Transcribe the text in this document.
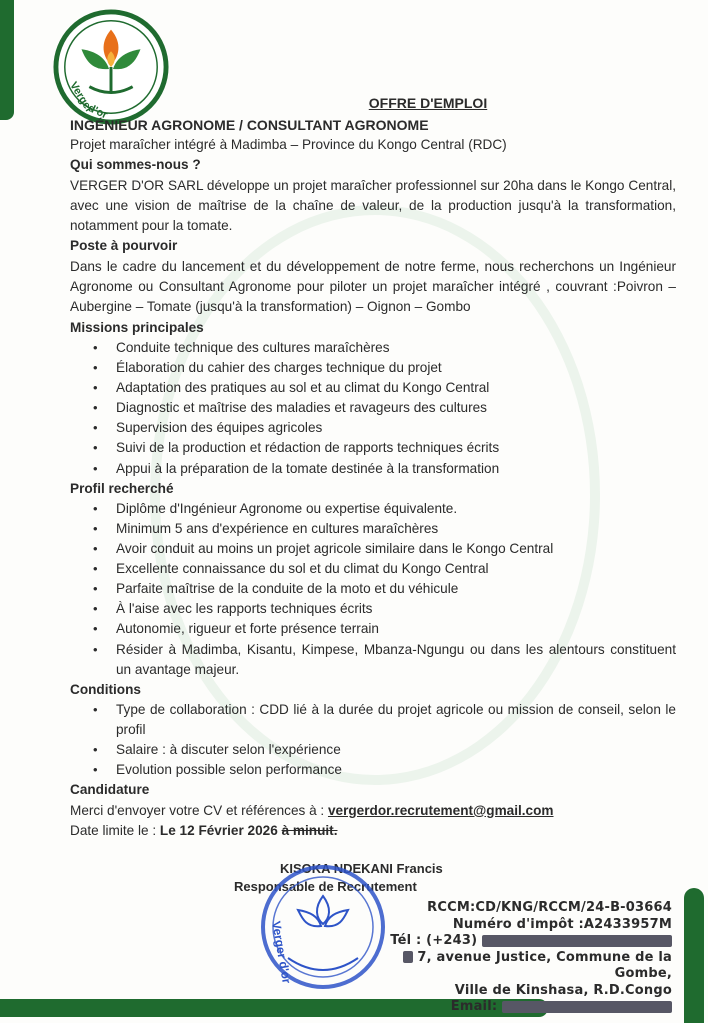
Verger
d'or	OFFRE D'EMPLOI
INGÉNIEUR AGRONOME / CONSULTANT AGRONOME

Projet maraîcher intégré à Madimba – Province du Kongo Central (RDC)

Qui sommes-nous ?

VERGER D'OR SARL développe un projet maraîcher professionnel sur 20ha dans le Kongo Central, avec une vision de maîtrise de la chaîne de valeur, de la production jusqu'à la transformation, notamment pour la tomate.

Poste à pourvoir

Dans le cadre du lancement et du développement de notre ferme, nous recherchons un Ingénieur Agronome ou Consultant Agronome pour piloter un projet maraîcher intégré , couvrant :Poivron – Aubergine – Tomate (jusqu'à la transformation) – Oignon – Gombo

Missions principales

• Conduite technique des cultures maraîchères
• Élaboration du cahier des charges technique du projet
• Adaptation des pratiques au sol et au climat du Kongo Central
• Diagnostic et maîtrise des maladies et ravageurs des cultures
• Supervision des équipes agricoles
• Suivi de la production et rédaction de rapports techniques écrits
• Appui à la préparation de la tomate destinée à la transformation

Profil recherché

• Diplôme d'Ingénieur Agronome ou expertise équivalente.
• Minimum 5 ans d'expérience en cultures maraîchères
• Avoir conduit au moins un projet agricole similaire dans le Kongo Central
• Excellente connaissance du sol et du climat du Kongo Central
• Parfaite maîtrise de la conduite de la moto et du véhicule
• À l'aise avec les rapports techniques écrits
• Autonomie, rigueur et forte présence terrain
• Résider à Madimba, Kisantu, Kimpese, Mbanza-Ngungu ou dans les alentours constituent un avantage majeur.

Conditions

• Type de collaboration : CDD lié à la durée du projet agricole ou mission de conseil, selon le profil
• Salaire : à discuter selon l'expérience
• Evolution possible selon performance

Candidature

Merci d'envoyer votre CV et références à : vergerdor.recrutement@gmail.com

Date limite le : Le 12 Février 2026 à minuit.

KISOKA NDEKANI Francis
Responsable de Recrutement
Verger d'or
RCCM:CD/KNG/RCCM/24-B-03664
Numéro d'impôt :A2433957M
Tél : (+243)
7, avenue Justice, Commune de la Gombe,
Ville de Kinshasa, R.D.Congo
Email:
